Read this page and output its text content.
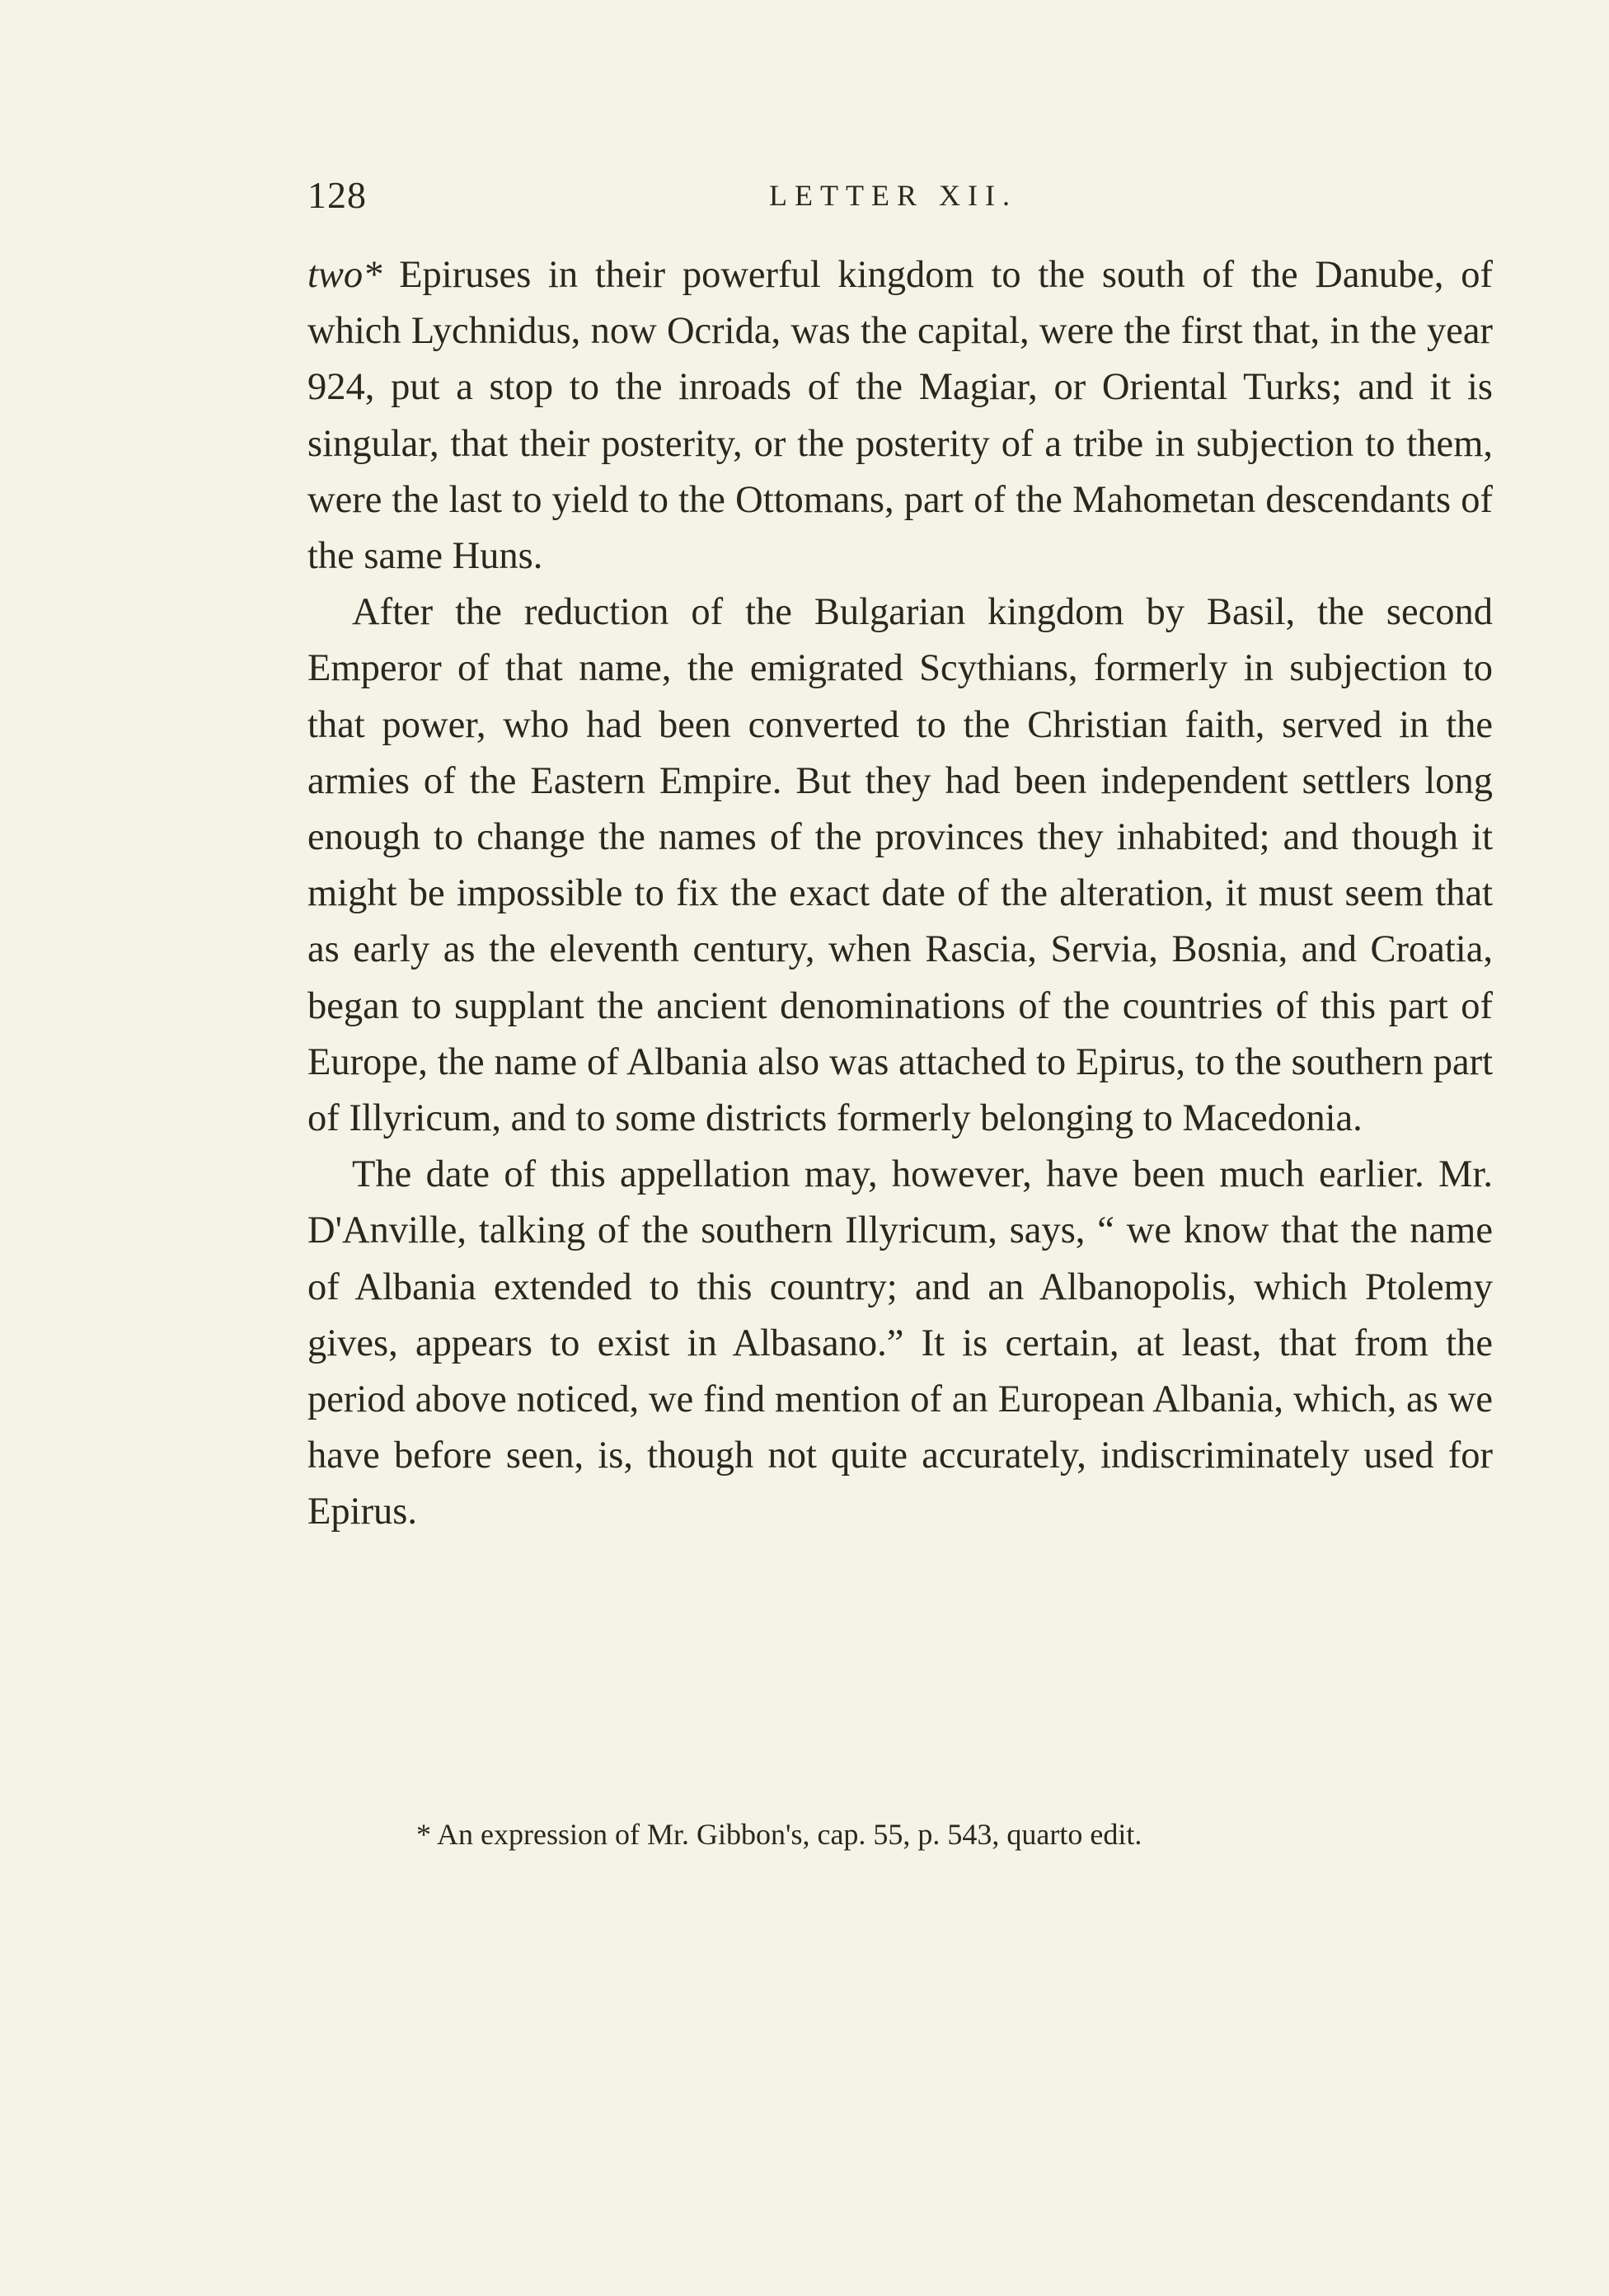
128	LETTER XII.

two* Epiruses in their powerful kingdom to the south of the Danube, of which Lychnidus, now Ocrida, was the capital, were the first that, in the year 924, put a stop to the inroads of the Magiar, or Oriental Turks; and it is singular, that their posterity, or the posterity of a tribe in subjection to them, were the last to yield to the Ottomans, part of the Mahometan descendants of the same Huns.

After the reduction of the Bulgarian kingdom by Basil, the second Emperor of that name, the emigrated Scythians, formerly in subjection to that power, who had been converted to the Christian faith, served in the armies of the Eastern Empire. But they had been independent settlers long enough to change the names of the provinces they inhabited; and though it might be impossible to fix the exact date of the alteration, it must seem that as early as the eleventh century, when Rascia, Servia, Bosnia, and Croatia, began to supplant the ancient denominations of the countries of this part of Europe, the name of Albania also was attached to Epirus, to the southern part of Illyricum, and to some districts formerly belonging to Macedonia.

The date of this appellation may, however, have been much earlier. Mr. D'Anville, talking of the southern Illyricum, says, “ we know that the name of Albania extended to this country; and an Albanopolis, which Ptolemy gives, appears to exist in Albasano.” It is certain, at least, that from the period above noticed, we find mention of an European Albania, which, as we have before seen, is, though not quite accurately, indiscriminately used for Epirus.

* An expression of Mr. Gibbon's, cap. 55, p. 543, quarto edit.
